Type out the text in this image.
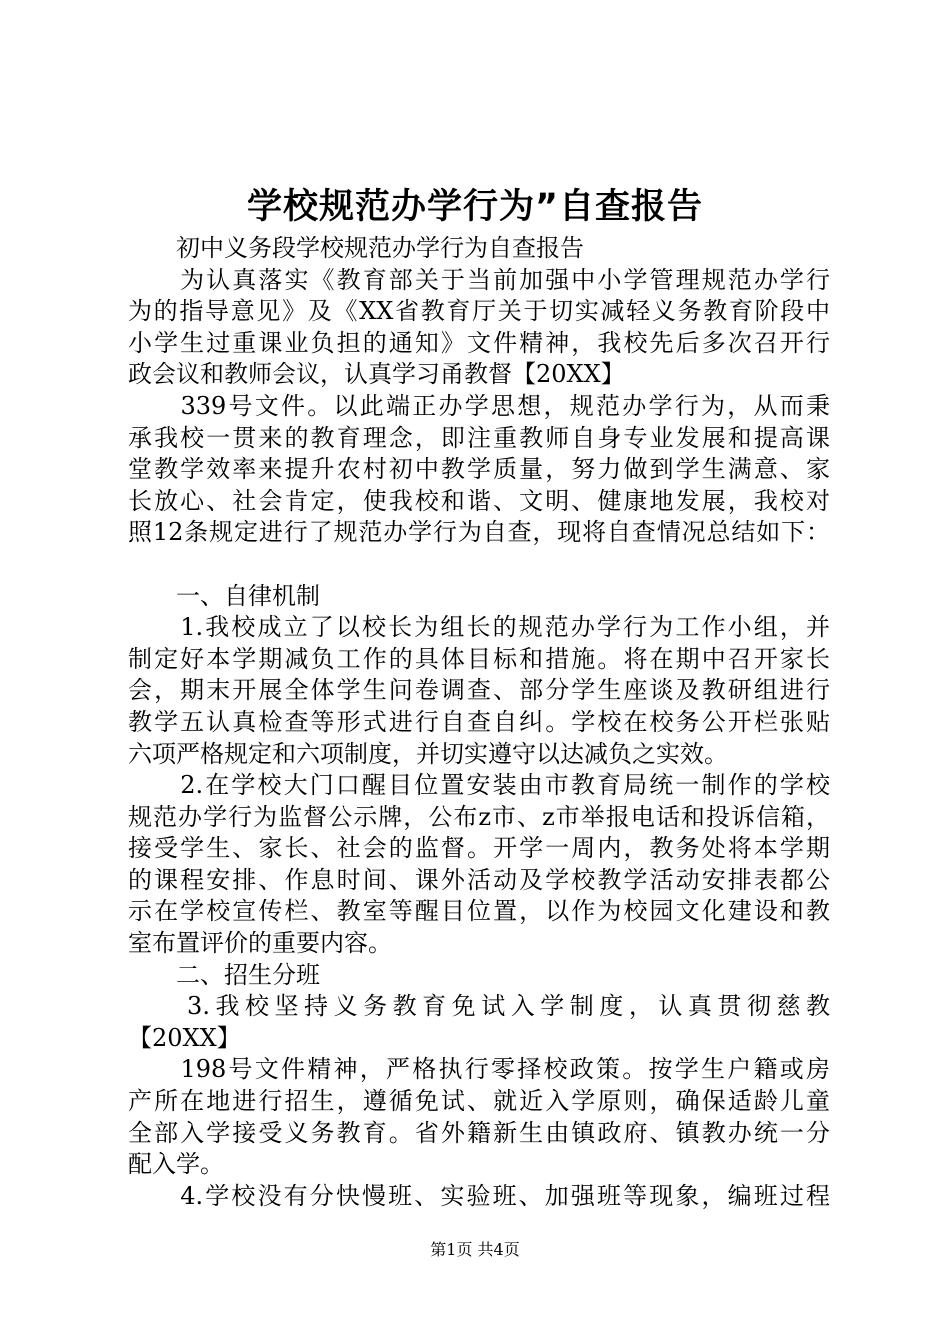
学校规范办学行为”自查报告
　　初中义务段学校规范办学行为自查报告
　　为认真落实《教育部关于当前加强中小学管理规范办学行
为的指导意见》及《XX省教育厅关于切实减轻义务教育阶段中
小学生过重课业负担的通知》文件精神，我校先后多次召开行
政会议和教师会议，认真学习甬教督【20XX】
　　339号文件。以此端正办学思想，规范办学行为，从而秉
承我校一贯来的教育理念，即注重教师自身专业发展和提高课
堂教学效率来提升农村初中教学质量，努力做到学生满意、家
长放心、社会肯定，使我校和谐、文明、健康地发展，我校对
照12条规定进行了规范办学行为自查，现将自查情况总结如下：
　　一、自律机制
　　1.我校成立了以校长为组长的规范办学行为工作小组，并
制定好本学期减负工作的具体目标和措施。将在期中召开家长
会，期末开展全体学生问卷调查、部分学生座谈及教研组进行
教学五认真检查等形式进行自查自纠。学校在校务公开栏张贴
六项严格规定和六项制度，并切实遵守以达减负之实效。
　　2.在学校大门口醒目位置安装由市教育局统一制作的学校
规范办学行为监督公示牌，公布z市、z市举报电话和投诉信箱，
接受学生、家长、社会的监督。开学一周内，教务处将本学期
的课程安排、作息时间、课外活动及学校教学活动安排表都公
示在学校宣传栏、教室等醒目位置，以作为校园文化建设和教
室布置评价的重要内容。
　　二、招生分班
　　3.我校坚持义务教育免试入学制度，认真贯彻慈教
【20XX】
　　198号文件精神，严格执行零择校政策。按学生户籍或房
产所在地进行招生，遵循免试、就近入学原则，确保适龄儿童
全部入学接受义务教育。省外籍新生由镇政府、镇教办统一分
配入学。
　　4.学校没有分快慢班、实验班、加强班等现象，编班过程
第1页 共4页
